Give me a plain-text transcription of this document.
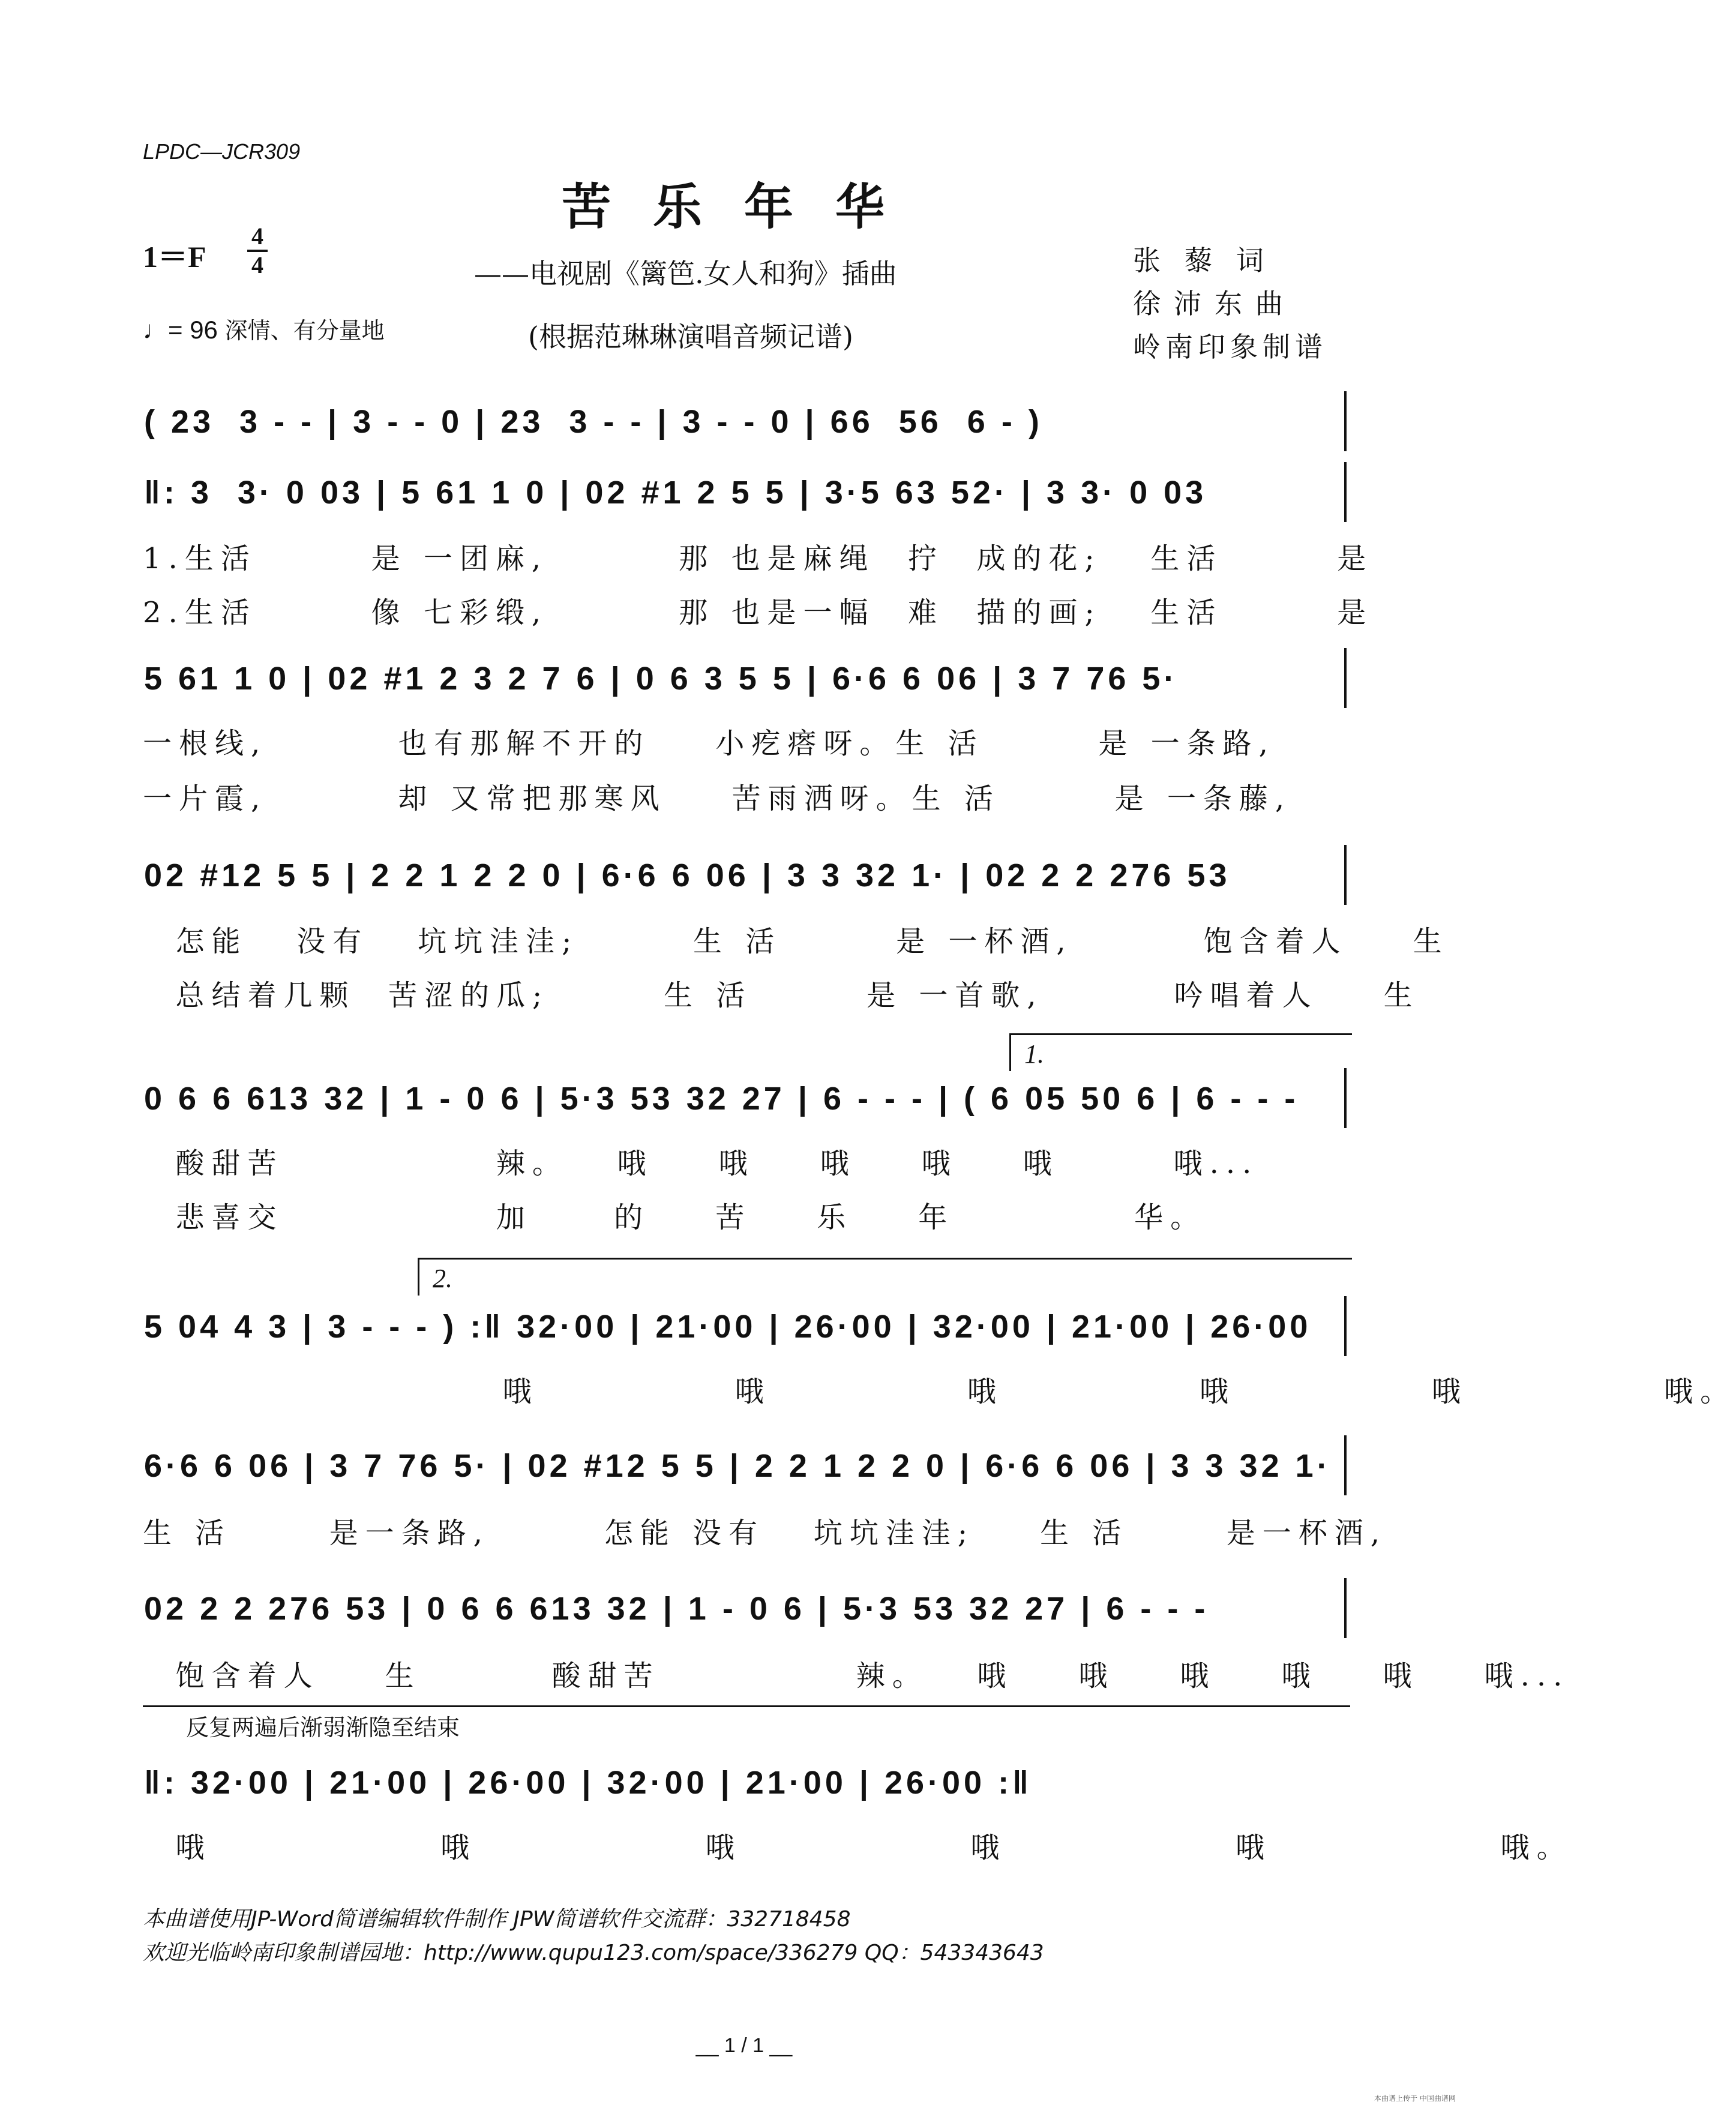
LPDC—JCR309
苦乐年华
1＝F
4
4	——电视剧《篱笆.女人和狗》插曲
(根据范琳琳演唱音频记谱)
♩= 96 深情、有分量地
张藜词
徐沛东曲
岭南印象制谱
( 23  3 - - | 3 - - 0 | 23  3 - - | 3 - - 0 | 66  56  6 - )
‖: 3  3· 0 03 | 5 61 1 0 | 02 #1 2 5 5 | 3·5 63 52· | 3 3· 0 03
1.生活       是 一团麻,        那 也是麻绳  拧  成的花;   生活       是
2.生活       像 七彩缎,        那 也是一幅  难  描的画;   生活       是
5 61 1 0 | 02 #1 2 3 2 7 6 | 0 6 3 5 5 | 6·6 6 06 | 3 7 76 5·
一根线,        也有那解不开的    小疙瘩呀。生 活       是 一条路,
一片霞,        却 又常把那寒风    苦雨洒呀。生 活       是 一条藤,
02 #12 5 5 | 2 2 1 2 2 0 | 6·6 6 06 | 3 3 32 1· | 02 2 2 276 53
怎能   没有   坑坑洼洼;       生 活       是 一杯酒,        饱含着人    生
总结着几颗  苦涩的瓜;       生 活       是 一首歌,        吟唱着人    生
1.
0 6 6 613 32 | 1 - 0 6 | 5·3 53 32 27 | 6 - - - | ( 6 05 50 6 | 6 - - -
酸甜苦             辣。   哦    哦    哦    哦    哦       哦...
悲喜交             加     的    苦    乐    年           华。
2.
5 04 4 3 | 3 - - - ) :‖ 32·00 | 21·00 | 26·00 | 32·00 | 21·00 | 26·00
哦            哦            哦            哦            哦            哦。
6·6 6 06 | 3 7 76 5· | 02 #12 5 5 | 2 2 1 2 2 0 | 6·6 6 06 | 3 3 32 1·
生 活      是一条路,       怎能 没有   坑坑洼洼;    生 活      是一杯酒,
02 2 2 276 53 | 0 6 6 613 32 | 1 - 0 6 | 5·3 53 32 27 | 6 - - -
饱含着人    生        酸甜苦            辣。   哦    哦    哦    哦    哦    哦...
反复两遍后渐弱渐隐至结束
‖: 32·00 | 21·00 | 26·00 | 32·00 | 21·00 | 26·00 :‖
哦              哦              哦              哦              哦              哦。
本曲谱使用JP-Word简谱编辑软件制作 JPW简谱软件交流群：332718458
欢迎光临岭南印象制谱园地：http://www.qupu123.com/space/336279 QQ：543343643
__ 1 / 1 __
本曲谱上传于 中国曲谱网
